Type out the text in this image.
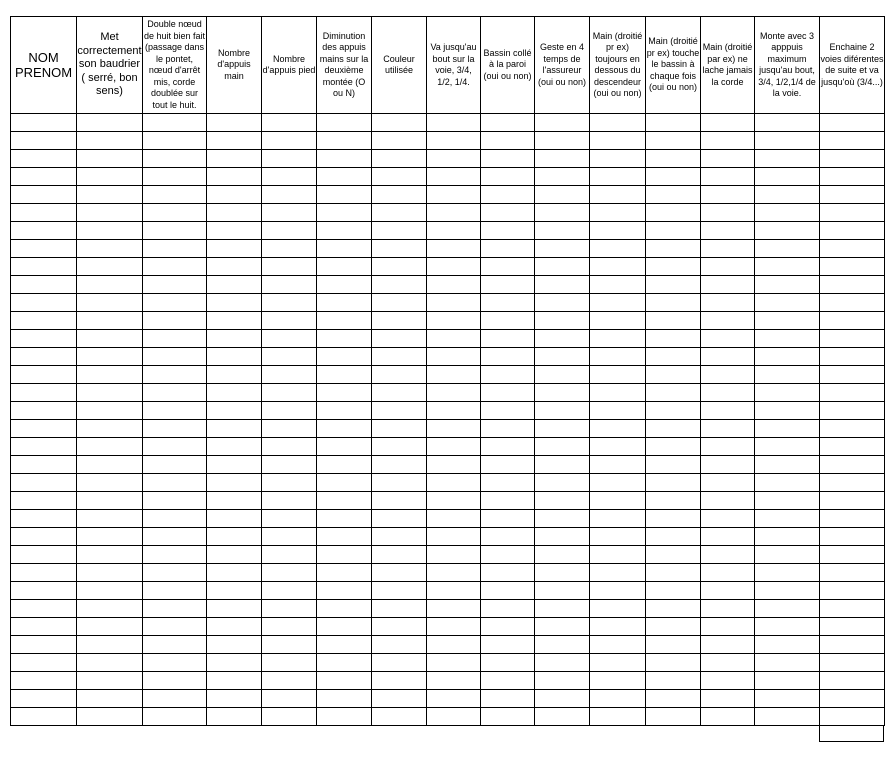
NOM PRENOM	Met correctement son baudrier ( serré, bon sens)	Double nœud de huit bien fait (passage dans le pontet, nœud d'arrêt mis, corde doublée sur tout le huit.	Nombre d'appuis main	Nombre d'appuis pied	Diminution des appuis mains sur la deuxième montée (O ou N)	Couleur utilisée	Va jusqu'au bout sur la voie, 3/4, 1/2, 1/4.	Bassin collé à la paroi (oui ou non)	Geste en 4 temps de l'assureur (oui ou non)	Main (droitié pr ex) toujours en dessous du descendeur (oui ou non)	Main (droitié pr ex) touche le bassin à chaque fois (oui ou non)	Main (droitié par ex) ne lache jamais la corde	Monte avec 3 apppuis maximum jusqu'au bout, 3/4, 1/2,1/4 de la voie.	Enchaine 2 voies diférentes de suite et va jusqu'où (3/4...)
